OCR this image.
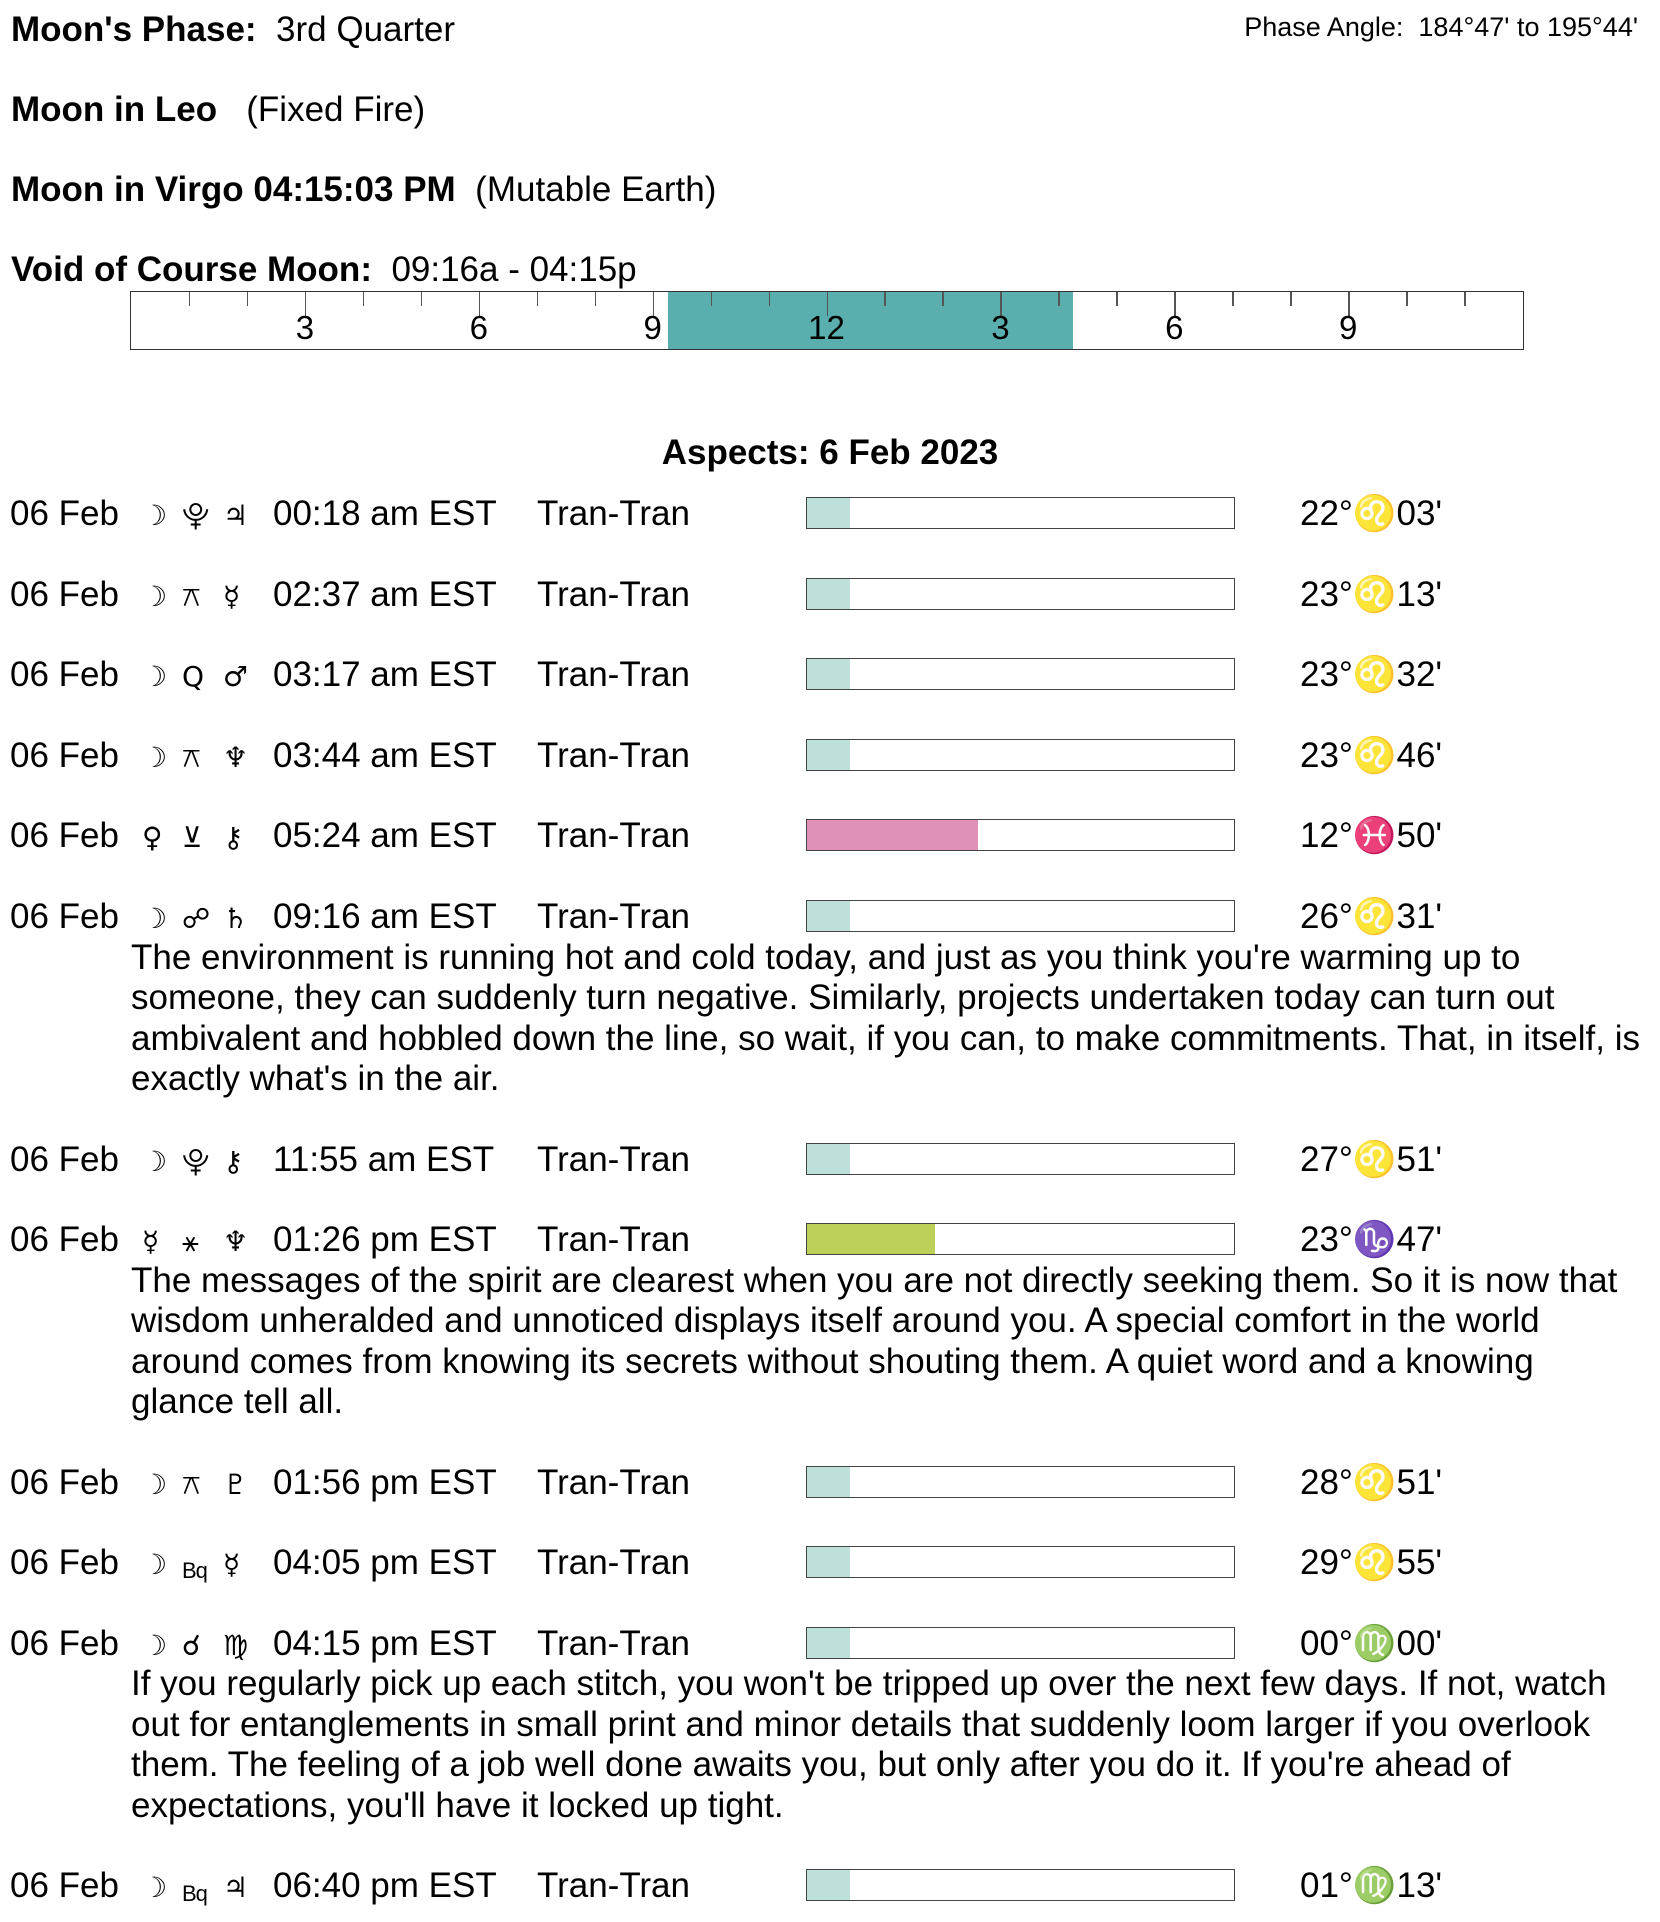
Moon's Phase: 3rd Quarter	Phase Angle: 184°47' to 195°44'
Moon in Leo (Fixed Fire)
Moon in Virgo 04:15:03 PM (Mutable Earth)
Void of Course Moon: 09:16a - 04:15p
3	6	9	12	3	6	9
Aspects: 6 Feb 2023
06 Feb ☽ ⯓ ♃ 00:18 am EST Tran-Tran	22°♌03'
06 Feb ☽ ⚻ ☿ 02:37 am EST Tran-Tran	23°♌13'
06 Feb ☽ Q ♂ 03:17 am EST Tran-Tran	23°♌32'
06 Feb ☽ ⚻ ♆ 03:44 am EST Tran-Tran	23°♌46'
06 Feb ♀ ⊻ ⚷ 05:24 am EST Tran-Tran	12°♓50'
06 Feb ☽ ☍ ♄ 09:16 am EST Tran-Tran	26°♌31'
The environment is running hot and cold today, and just as you think you're warming up to someone, they can suddenly turn negative. Similarly, projects undertaken today can turn out ambivalent and hobbled down the line, so wait, if you can, to make commitments. That, in itself, is exactly what's in the air.
06 Feb ☽ ⯓ ⚷ 11:55 am EST Tran-Tran	27°♌51'
06 Feb ☿ ⚹ ♆ 01:26 pm EST Tran-Tran	23°♑47'
The messages of the spirit are clearest when you are not directly seeking them. So it is now that wisdom unheralded and unnoticed displays itself around you. A special comfort in the world around comes from knowing its secrets without shouting them. A quiet word and a knowing glance tell all.
06 Feb ☽ ⚻ ♇ 01:56 pm EST Tran-Tran	28°♌51'
06 Feb ☽ Bq ☿ 04:05 pm EST Tran-Tran	29°♌55'
06 Feb ☽ ☌ ♍ 04:15 pm EST Tran-Tran	00°♍00'
If you regularly pick up each stitch, you won't be tripped up over the next few days. If not, watch out for entanglements in small print and minor details that suddenly loom larger if you overlook them. The feeling of a job well done awaits you, but only after you do it. If you're ahead of expectations, you'll have it locked up tight.
06 Feb ☽ Bq ♃ 06:40 pm EST Tran-Tran	01°♍13'
